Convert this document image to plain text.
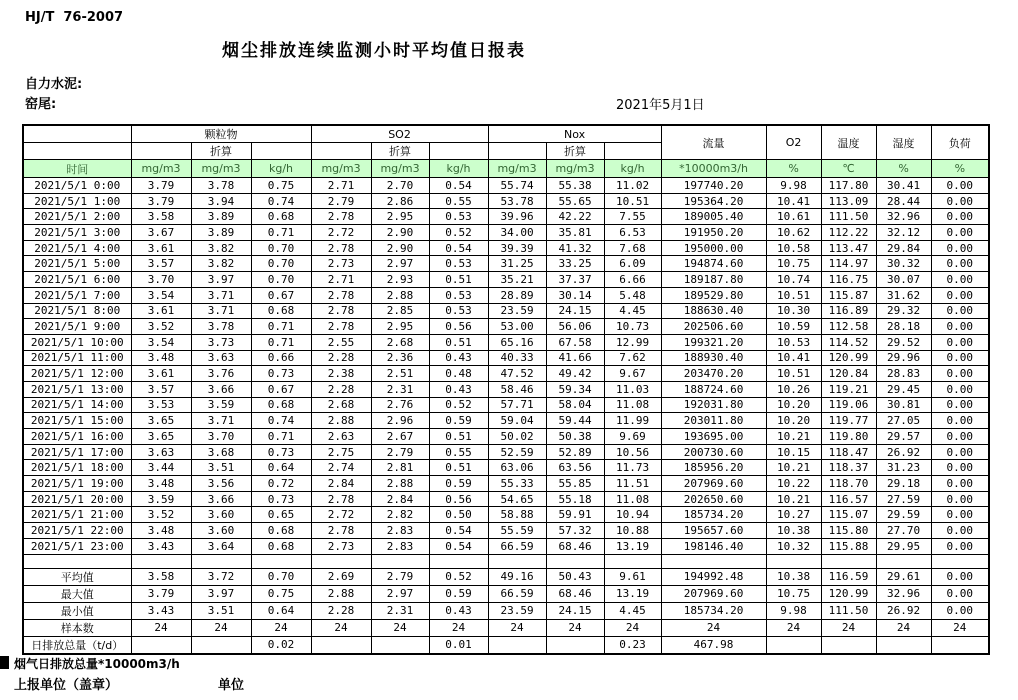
HJ/T  76-2007
烟尘排放连续监测小时平均值日报表
自力水泥:
窑尾:	2021年5月1日
	颗粒物			SO2			Nox			流量	O2	温度	湿度	负荷
		折算			折算			折算						
时间	mg/m3	mg/m3	kg/h	mg/m3	mg/m3	kg/h	mg/m3	mg/m3	kg/h	*10000m3/h	%	℃	%	%
2021/5/1 0:00	3.79	3.78	0.75	2.71	2.70	0.54	55.74	55.38	11.02	197740.20	9.98	117.80	30.41	0.00
2021/5/1 1:00	3.79	3.94	0.74	2.79	2.86	0.55	53.78	55.65	10.51	195364.20	10.41	113.09	28.44	0.00
2021/5/1 2:00	3.58	3.89	0.68	2.78	2.95	0.53	39.96	42.22	7.55	189005.40	10.61	111.50	32.96	0.00
2021/5/1 3:00	3.67	3.89	0.71	2.72	2.90	0.52	34.00	35.81	6.53	191950.20	10.62	112.22	32.12	0.00
2021/5/1 4:00	3.61	3.82	0.70	2.78	2.90	0.54	39.39	41.32	7.68	195000.00	10.58	113.47	29.84	0.00
2021/5/1 5:00	3.57	3.82	0.70	2.73	2.97	0.53	31.25	33.25	6.09	194874.60	10.75	114.97	30.32	0.00
2021/5/1 6:00	3.70	3.97	0.70	2.71	2.93	0.51	35.21	37.37	6.66	189187.80	10.74	116.75	30.07	0.00
2021/5/1 7:00	3.54	3.71	0.67	2.78	2.88	0.53	28.89	30.14	5.48	189529.80	10.51	115.87	31.62	0.00
2021/5/1 8:00	3.61	3.71	0.68	2.78	2.85	0.53	23.59	24.15	4.45	188630.40	10.30	116.89	29.32	0.00
2021/5/1 9:00	3.52	3.78	0.71	2.78	2.95	0.56	53.00	56.06	10.73	202506.60	10.59	112.58	28.18	0.00
2021/5/1 10:00	3.54	3.73	0.71	2.55	2.68	0.51	65.16	67.58	12.99	199321.20	10.53	114.52	29.52	0.00
2021/5/1 11:00	3.48	3.63	0.66	2.28	2.36	0.43	40.33	41.66	7.62	188930.40	10.41	120.99	29.96	0.00
2021/5/1 12:00	3.61	3.76	0.73	2.38	2.51	0.48	47.52	49.42	9.67	203470.20	10.51	120.84	28.83	0.00
2021/5/1 13:00	3.57	3.66	0.67	2.28	2.31	0.43	58.46	59.34	11.03	188724.60	10.26	119.21	29.45	0.00
2021/5/1 14:00	3.53	3.59	0.68	2.68	2.76	0.52	57.71	58.04	11.08	192031.80	10.20	119.06	30.81	0.00
2021/5/1 15:00	3.65	3.71	0.74	2.88	2.96	0.59	59.04	59.44	11.99	203011.80	10.20	119.77	27.05	0.00
2021/5/1 16:00	3.65	3.70	0.71	2.63	2.67	0.51	50.02	50.38	9.69	193695.00	10.21	119.80	29.57	0.00
2021/5/1 17:00	3.63	3.68	0.73	2.75	2.79	0.55	52.59	52.89	10.56	200730.60	10.15	118.47	26.92	0.00
2021/5/1 18:00	3.44	3.51	0.64	2.74	2.81	0.51	63.06	63.56	11.73	185956.20	10.21	118.37	31.23	0.00
2021/5/1 19:00	3.48	3.56	0.72	2.84	2.88	0.59	55.33	55.85	11.51	207969.60	10.22	118.70	29.18	0.00
2021/5/1 20:00	3.59	3.66	0.73	2.78	2.84	0.56	54.65	55.18	11.08	202650.60	10.21	116.57	27.59	0.00
2021/5/1 21:00	3.52	3.60	0.65	2.72	2.82	0.50	58.88	59.91	10.94	185734.20	10.27	115.07	29.59	0.00
2021/5/1 22:00	3.48	3.60	0.68	2.78	2.83	0.54	55.59	57.32	10.88	195657.60	10.38	115.80	27.70	0.00
2021/5/1 23:00	3.43	3.64	0.68	2.73	2.83	0.54	66.59	68.46	13.19	198146.40	10.32	115.88	29.95	0.00

平均值	3.58	3.72	0.70	2.69	2.79	0.52	49.16	50.43	9.61	194992.48	10.38	116.59	29.61	0.00
最大值	3.79	3.97	0.75	2.88	2.97	0.59	66.59	68.46	13.19	207969.60	10.75	120.99	32.96	0.00
最小值	3.43	3.51	0.64	2.28	2.31	0.43	23.59	24.15	4.45	185734.20	9.98	111.50	26.92	0.00
样本数	24	24	24	24	24	24	24	24	24	24	24	24	24	24
日排放总量（t/d）			0.02			0.01			0.23	467.98				
烟气日排放总量*10000m3/h
上报单位（盖章）	单位
